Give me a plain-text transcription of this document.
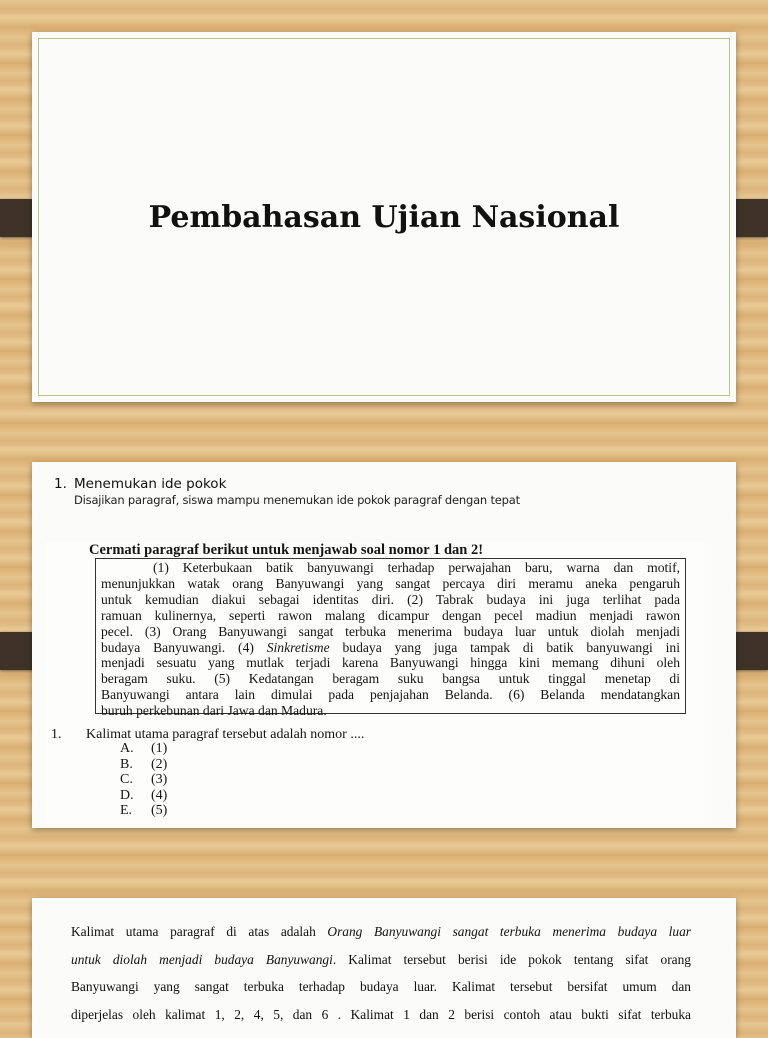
Pembahasan Ujian Nasional
1. Menemukan ide pokok
Disajikan paragraf, siswa mampu menemukan ide pokok paragraf dengan tepat
Cermati paragraf berikut untuk menjawab soal nomor 1 dan 2!
(1) Keterbukaan batik banyuwangi terhadap perwajahan baru, warna dan motif,
menunjukkan watak orang Banyuwangi yang sangat percaya diri meramu aneka pengaruh
untuk kemudian diakui sebagai identitas diri. (2) Tabrak budaya ini juga terlihat pada
ramuan kulinernya, seperti rawon malang dicampur dengan pecel madiun menjadi rawon
pecel. (3) Orang Banyuwangi sangat terbuka menerima budaya luar untuk diolah menjadi
budaya Banyuwangi. (4) Sinkretisme budaya yang juga tampak di batik banyuwangi ini
menjadi sesuatu yang mutlak terjadi karena Banyuwangi hingga kini memang dihuni oleh
beragam suku. (5) Kedatangan beragam suku bangsa untuk tinggal menetap di
Banyuwangi antara lain dimulai pada penjajahan Belanda. (6) Belanda mendatangkan
buruh perkebunan dari Jawa dan Madura.
1. Kalimat utama paragraf tersebut adalah nomor ....
A. (1)
B. (2)
C. (3)
D. (4)
E. (5)
Kalimat utama paragraf di atas adalah Orang Banyuwangi sangat terbuka menerima budaya luar
untuk diolah menjadi budaya Banyuwangi. Kalimat tersebut berisi ide pokok tentang sifat orang
Banyuwangi yang sangat terbuka terhadap budaya luar. Kalimat tersebut bersifat umum dan
diperjelas oleh kalimat 1, 2, 4, 5, dan 6 . Kalimat 1 dan 2 berisi contoh atau bukti sifat terbuka
